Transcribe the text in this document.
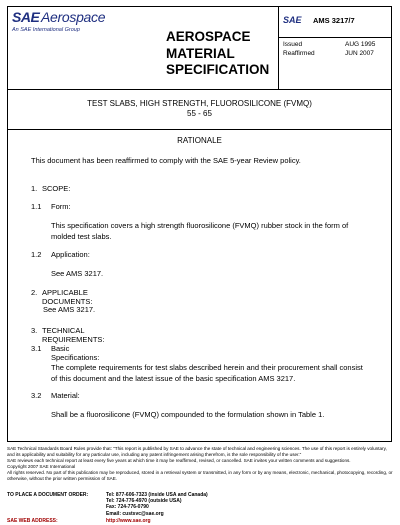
SAE Aerospace
An SAE International Group	AEROSPACE
MATERIAL
SPECIFICATION
SAE AMS 3217/7
Issued	AUG 1995
Reaffirmed	JUN 2007
TEST SLABS, HIGH STRENGTH, FLUOROSILICONE (FVMQ)
55 - 65
RATIONALE
This document has been reaffirmed to comply with the SAE 5-year Review policy.
1. SCOPE:
1.1 Form:
This specification covers a high strength fluorosilicone (FVMQ) rubber stock in the form of molded test slabs.
1.2 Application:
See AMS 3217.
2. APPLICABLE DOCUMENTS:
See AMS 3217.
3. TECHNICAL REQUIREMENTS:
3.1 Basic Specifications:
The complete requirements for test slabs described herein and their procurement shall consist of this document and the latest issue of the basic specification AMS 3217.
3.2 Material:
Shall be a fluorosilicone (FVMQ) compounded to the formulation shown in Table 1.

SAE Technical Standards Board Rules provide that: "This report is published by SAE to advance the state of technical and engineering sciences. The use of this report is entirely voluntary, and its applicability and suitability for any particular use, including any patent infringement arising therefrom, is the sole responsibility of the user."

SAE reviews each technical report at least every five years at which time it may be reaffirmed, revised, or cancelled. SAE invites your written comments and suggestions.

Copyright 2007 SAE International

All rights reserved. No part of this publication may be reproduced, stored in a retrieval system or transmitted, in any form or by any means, electronic, mechanical, photocopying, recording, or otherwise, without the prior written permission of SAE.

TO PLACE A DOCUMENT ORDER:	Tel: 877-606-7323 (inside USA and Canada)
Tel: 724-776-4970 (outside USA)
Fax: 724-776-0790
Email: custsvc@sae.org
SAE WEB ADDRESS:	http://www.sae.org
